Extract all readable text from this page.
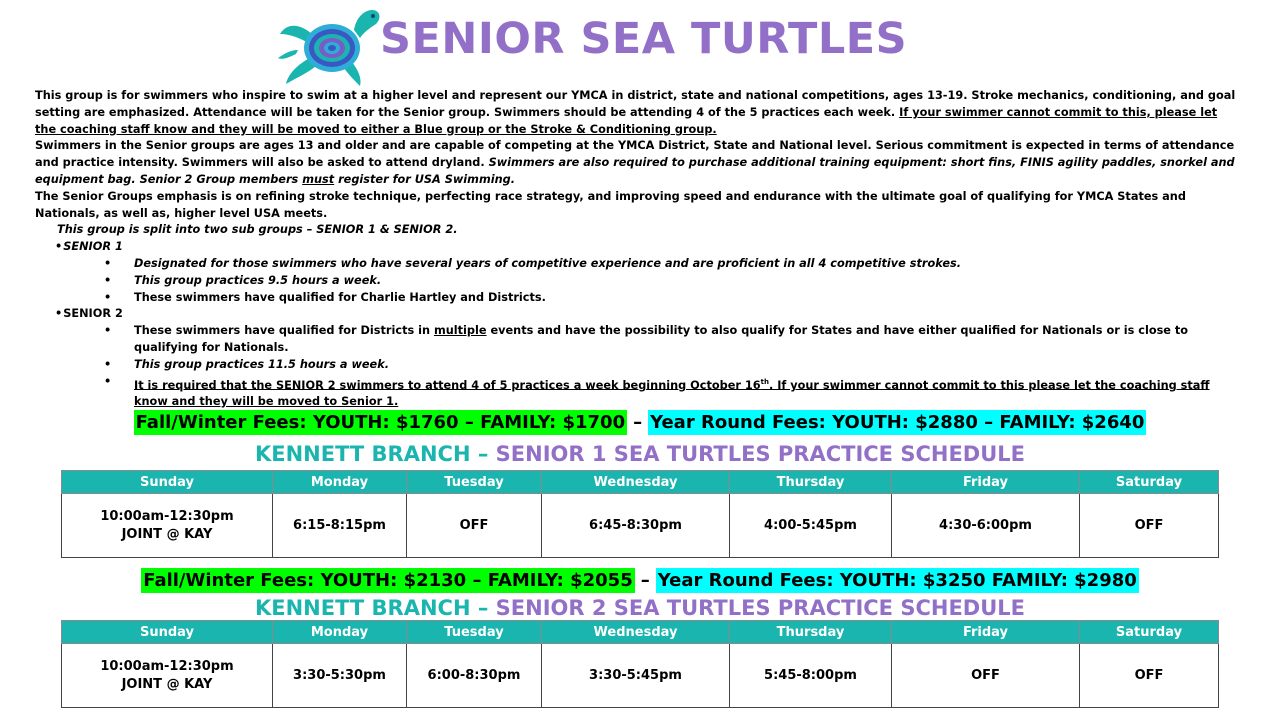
SENIOR SEA TURTLES

This group is for swimmers who inspire to swim at a higher level and represent our YMCA in district, state and national competitions, ages 13-19. Stroke mechanics, conditioning, and goal setting are emphasized. Attendance will be taken for the Senior group. Swimmers should be attending 4 of the 5 practices each week. If your swimmer cannot commit to this, please let the coaching staff know and they will be moved to either a Blue group or the Stroke & Conditioning group.

Swimmers in the Senior groups are ages 13 and older and are capable of competing at the YMCA District, State and National level. Serious commitment is expected in terms of attendance and practice intensity. Swimmers will also be asked to attend dryland. Swimmers are also required to purchase additional training equipment: short fins, FINIS agility paddles, snorkel and equipment bag. Senior 2 Group members must register for USA Swimming.

The Senior Groups emphasis is on refining stroke technique, perfecting race strategy, and improving speed and endurance with the ultimate goal of qualifying for YMCA States and Nationals, as well as, higher level USA meets.

This group is split into two sub groups – SENIOR 1 & SENIOR 2.

•SENIOR 1

• Designated for those swimmers who have several years of competitive experience and are proficient in all 4 competitive strokes.

• This group practices 9.5 hours a week.

• These swimmers have qualified for Charlie Hartley and Districts.

•SENIOR 2

• These swimmers have qualified for Districts in multiple events and have the possibility to also qualify for States and have either qualified for Nationals or is close to qualifying for Nationals.

• This group practices 11.5 hours a week.

• It is required that the SENIOR 2 swimmers to attend 4 of 5 practices a week beginning October 16th. If your swimmer cannot commit to this please let the coaching staff know and they will be moved to Senior 1.

Fall/Winter Fees: YOUTH: $1760 – FAMILY: $1700 – Year Round Fees: YOUTH: $2880 – FAMILY: $2640
KENNETT BRANCH – SENIOR 1 SEA TURTLES PRACTICE SCHEDULE
Sunday	Monday	Tuesday	Wednesday	Thursday	Friday	Saturday
10:00am-12:30pm
JOINT @ KAY	6:15-8:15pm	OFF	6:45-8:30pm	4:00-5:45pm	4:30-6:00pm	OFF
Fall/Winter Fees: YOUTH: $2130 – FAMILY: $2055 – Year Round Fees: YOUTH: $3250 FAMILY: $2980
KENNETT BRANCH – SENIOR 2 SEA TURTLES PRACTICE SCHEDULE
Sunday	Monday	Tuesday	Wednesday	Thursday	Friday	Saturday
10:00am-12:30pm
JOINT @ KAY	3:30-5:30pm	6:00-8:30pm	3:30-5:45pm	5:45-8:00pm	OFF	OFF
